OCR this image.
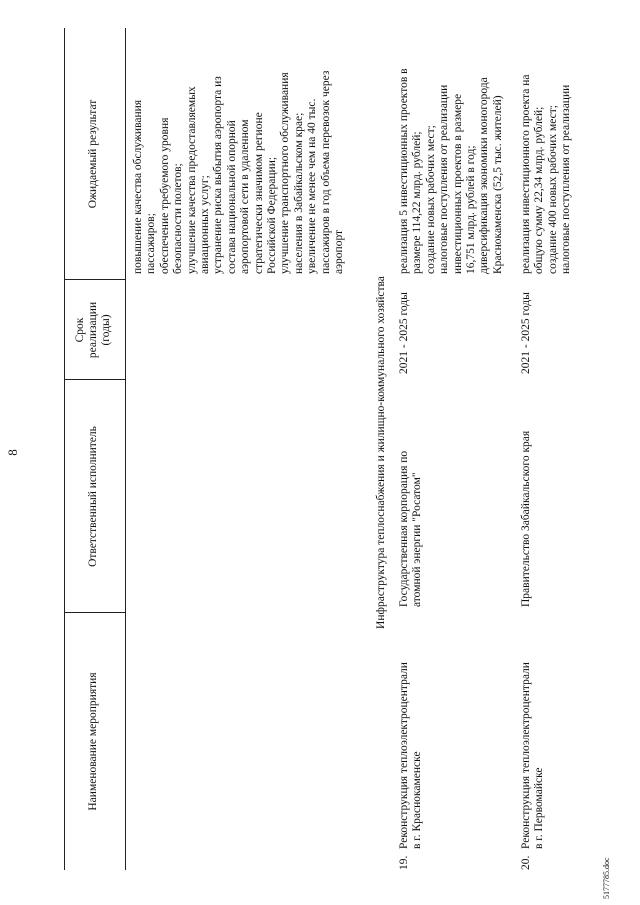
8
Наименование мероприятия
Ответственный исполнитель
Срок реализации (годы)
Ожидаемый результат	повышение качества обслуживания пассажиров; обеспечение требуемого уровня безопасности полетов; улучшение качества предоставляемых авиационных услуг; устранение риска выбытия аэропорта из состава национальной опорной аэропортовой сети в удаленном стратегически значимом регионе Российской Федерации; улучшение транспортного обслуживания населения в Забайкальском крае; увеличение не менее чем на 40 тыс. пассажиров в год объема перевозок через аэропорт
Инфраструктура теплоснабжения и жилищно-коммунального хозяйства
19.
Реконструкция теплоэлектроцентрали в г. Краснокаменске
Государственная корпорация по атомной энергии "Росатом"
2021 - 2025 годы
реализация 5 инвестиционных проектов в размере 114,22 млрд. рублей; создание новых рабочих мест; налоговые поступления от реализации инвестиционных проектов в размере 16,751 млрд. рублей в год; диверсификация экономики моногорода Краснокаменска (52,5 тыс. жителей)
20.
Реконструкция теплоэлектроцентрали в г. Первомайске
Правительство Забайкальского края
2021 - 2025 годы
реализация инвестиционного проекта на общую сумму 22,34 млрд. рублей; создание 400 новых рабочих мест; налоговые поступления от реализации
5177785.doc
